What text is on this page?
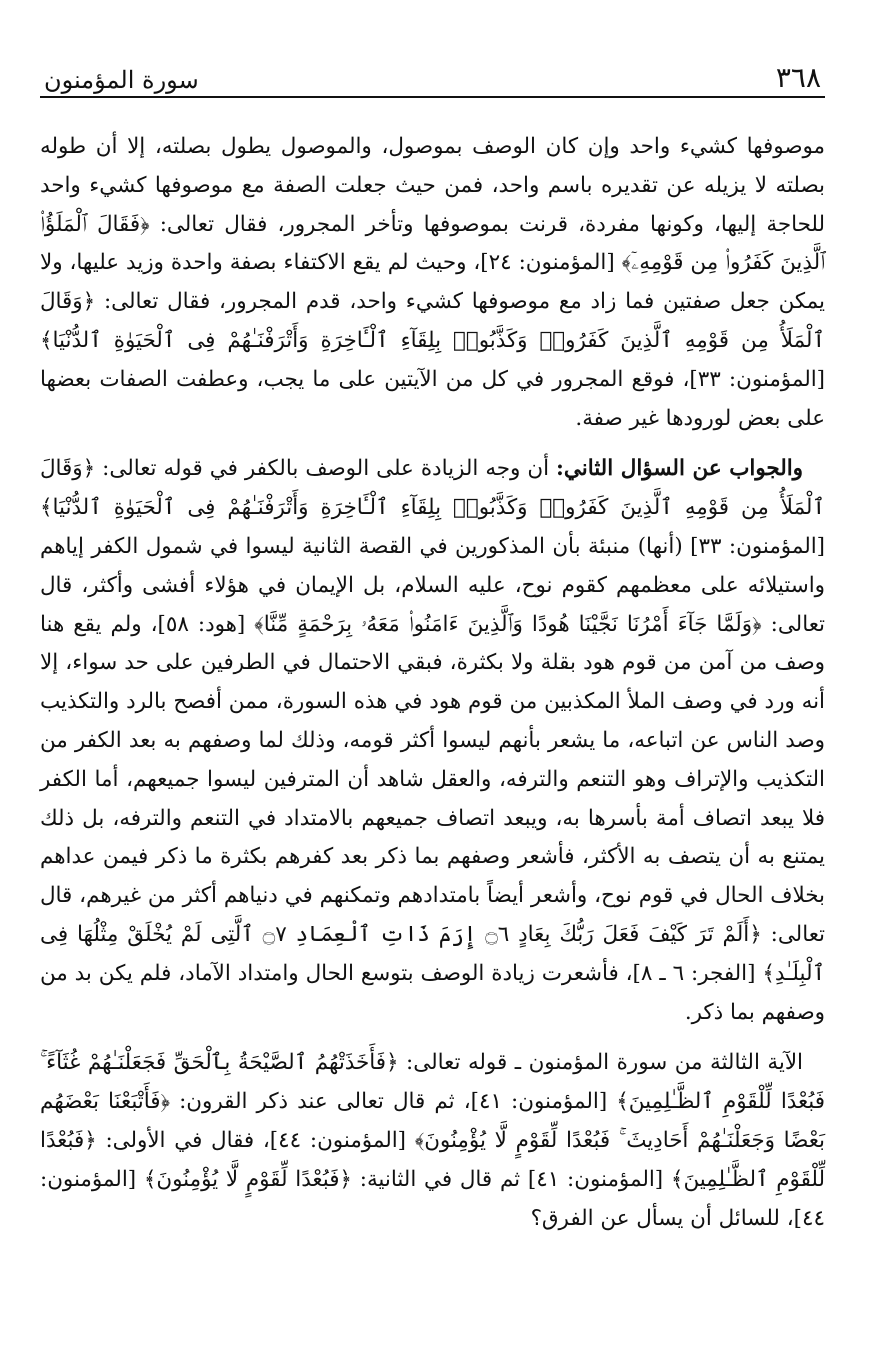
٣٦٨
سورة المؤمنون

موصوفها كشيء واحد وإن كان الوصف بموصول، والموصول يطول بصلته، إلا أن طوله بصلته لا يزيله عن تقديره باسم واحد، فمن حيث جعلت الصفة مع موصوفها كشيء واحد للحاجة إليها، وكونها مفردة، قرنت بموصوفها وتأخر المجرور، فقال تعالى: ﴿فَقَالَ ٱلْمَلَؤُا۟ ٱلَّذِينَ كَفَرُوا۟ مِن قَوْمِهِۦٓ﴾ [المؤمنون: ٢٤]، وحيث لم يقع الاكتفاء بصفة واحدة وزيد عليها، ولا يمكن جعل صفتين فما زاد مع موصوفها كشيء واحد، قدم المجرور، فقال تعالى: ﴿وَقَالَ ٱلْمَلَأُ مِن قَوْمِهِ ٱلَّذِينَ كَفَرُوا۟ وَكَذَّبُوا۟ بِلِقَآءِ ٱلْـَٔاخِرَةِ وَأَتْرَفْنَـٰهُمْ فِى ٱلْحَيَوٰةِ ٱلدُّنْيَا﴾ [المؤمنون: ٣٣]، فوقع المجرور في كل من الآيتين على ما يجب، وعطفت الصفات بعضها على بعض لورودها غير صفة.

والجواب عن السؤال الثاني: أن وجه الزيادة على الوصف بالكفر في قوله تعالى: ﴿وَقَالَ ٱلْمَلَأُ مِن قَوْمِهِ ٱلَّذِينَ كَفَرُوا۟ وَكَذَّبُوا۟ بِلِقَآءِ ٱلْـَٔاخِرَةِ وَأَتْرَفْنَـٰهُمْ فِى ٱلْحَيَوٰةِ ٱلدُّنْيَا﴾ [المؤمنون: ٣٣] (أنها) منبئة بأن المذكورين في القصة الثانية ليسوا في شمول الكفر إياهم واستيلائه على معظمهم كقوم نوح، عليه السلام، بل الإيمان في هؤلاء أفشى وأكثر، قال تعالى: ﴿وَلَمَّا جَآءَ أَمْرُنَا نَجَّيْنَا هُودًا وَٱلَّذِينَ ءَامَنُوا۟ مَعَهُۥ بِرَحْمَةٍ مِّنَّا﴾ [هود: ٥٨]، ولم يقع هنا وصف من آمن من قوم هود بقلة ولا بكثرة، فبقي الاحتمال في الطرفين على حد سواء، إلا أنه ورد في وصف الملأ المكذبين من قوم هود في هذه السورة، ممن أفصح بالرد والتكذيب وصد الناس عن اتباعه، ما يشعر بأنهم ليسوا أكثر قومه، وذلك لما وصفهم به بعد الكفر من التكذيب والإتراف وهو التنعم والترفه، والعقل شاهد أن المترفين ليسوا جميعهم، أما الكفر فلا يبعد اتصاف أمة بأسرها به، ويبعد اتصاف جميعهم بالامتداد في التنعم والترفه، بل ذلك يمتنع به أن يتصف به الأكثر، فأشعر وصفهم بما ذكر بعد كفرهم بكثرة ما ذكر فيمن عداهم بخلاف الحال في قوم نوح، وأشعر أيضاً بامتدادهم وتمكنهم في دنياهم أكثر من غيرهم، قال تعالى: ﴿أَلَمْ تَرَ كَيْفَ فَعَلَ رَبُّكَ بِعَادٍ ۝٦ إِرَمَ ذَاتِ ٱلْعِمَادِ ۝٧ ٱلَّتِى لَمْ يُخْلَقْ مِثْلُهَا فِى ٱلْبِلَـٰدِ﴾ [الفجر: ٦ ـ ٨]، فأشعرت زيادة الوصف بتوسع الحال وامتداد الآماد، فلم يكن بد من وصفهم بما ذكر.

الآية الثالثة من سورة المؤمنون ـ قوله تعالى: ﴿فَأَخَذَتْهُمُ ٱلصَّيْحَةُ بِٱلْحَقِّ فَجَعَلْنَـٰهُمْ غُثَآءً ۚ فَبُعْدًا لِّلْقَوْمِ ٱلظَّـٰلِمِينَ﴾ [المؤمنون: ٤١]، ثم قال تعالى عند ذكر القرون: ﴿فَأَتْبَعْنَا بَعْضَهُم بَعْضًا وَجَعَلْنَـٰهُمْ أَحَادِيثَ ۚ فَبُعْدًا لِّقَوْمٍ لَّا يُؤْمِنُونَ﴾ [المؤمنون: ٤٤]، فقال في الأولى: ﴿فَبُعْدًا لِّلْقَوْمِ ٱلظَّـٰلِمِينَ﴾ [المؤمنون: ٤١] ثم قال في الثانية: ﴿فَبُعْدًا لِّقَوْمٍ لَّا يُؤْمِنُونَ﴾ [المؤمنون: ٤٤]، للسائل أن يسأل عن الفرق؟
